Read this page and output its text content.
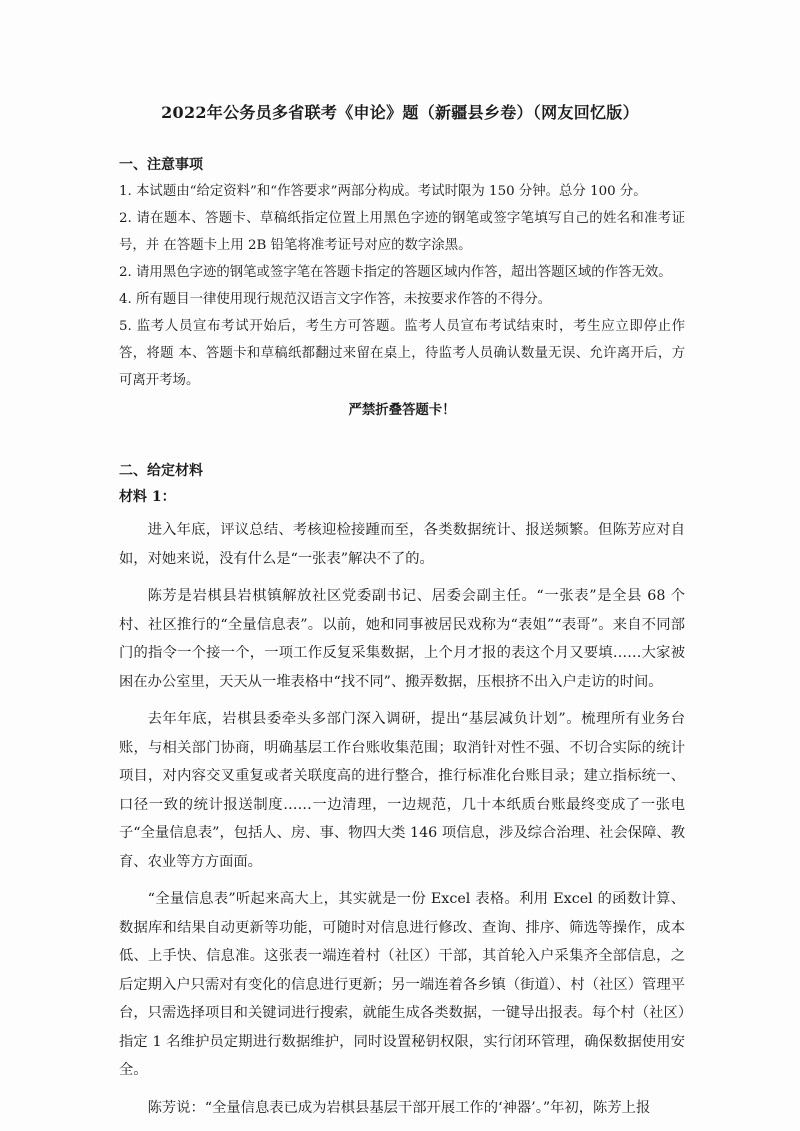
2022年公务员多省联考《申论》题（新疆县乡卷）（网友回忆版）
一、注意事项

1. 本试题由“给定资料”和“作答要求”两部分构成。考试时限为 150 分钟。总分 100 分。

2. 请在题本、答题卡、草稿纸指定位置上用黑色字迹的钢笔或签字笔填写自己的姓名和准考证号，并 在答题卡上用 2B 铅笔将准考证号对应的数字涂黑。

2. 请用黑色字迹的钢笔或签字笔在答题卡指定的答题区域内作答，超出答题区域的作答无效。

4. 所有题目一律使用现行规范汉语言文字作答，未按要求作答的不得分。

5. 监考人员宣布考试开始后，考生方可答题。监考人员宣布考试结束时，考生应立即停止作答，将题 本、答题卡和草稿纸都翻过来留在桌上，待监考人员确认数量无误、允许离开后，方可离开考场。

严禁折叠答题卡！
二、给定材料
材料 1：

进入年底，评议总结、考核迎检接踵而至，各类数据统计、报送频繁。但陈芳应对自如，对她来说，没有什么是“一张表”解决不了的。

陈芳是岩棋县岩棋镇解放社区党委副书记、居委会副主任。“一张表”是全县 68 个村、社区推行的“全量信息表”。以前，她和同事被居民戏称为“表姐”“表哥”。来自不同部门的指令一个接一个，一项工作反复采集数据，上个月才报的表这个月又要填……大家被困在办公室里，天天从一堆表格中“找不同”、搬弄数据，压根挤不出入户走访的时间。

去年年底，岩棋县委牵头多部门深入调研，提出“基层减负计划”。梳理所有业务台账，与相关部门协商，明确基层工作台账收集范围；取消针对性不强、不切合实际的统计项目，对内容交叉重复或者关联度高的进行整合，推行标准化台账目录；建立指标统一、口径一致的统计报送制度……一边清理，一边规范，几十本纸质台账最终变成了一张电子“全量信息表”，包括人、房、事、物四大类 146 项信息，涉及综合治理、社会保障、教育、农业等方方面面。

“全量信息表”听起来高大上，其实就是一份 Excel 表格。利用 Excel 的函数计算、数据库和结果自动更新等功能，可随时对信息进行修改、查询、排序、筛选等操作，成本低、上手快、信息准。这张表一端连着村（社区）干部，其首轮入户采集齐全部信息，之后定期入户只需对有变化的信息进行更新；另一端连着各乡镇（街道）、村（社区）管理平台，只需选择项目和关键词进行搜索，就能生成各类数据，一键导出报表。每个村（社区）指定 1 名维护员定期进行数据维护，同时设置秘钥权限，实行闭环管理，确保数据使用安全。

陈芳说：“全量信息表已成为岩棋县基层干部开展工作的‘神器’。”年初，陈芳上报
